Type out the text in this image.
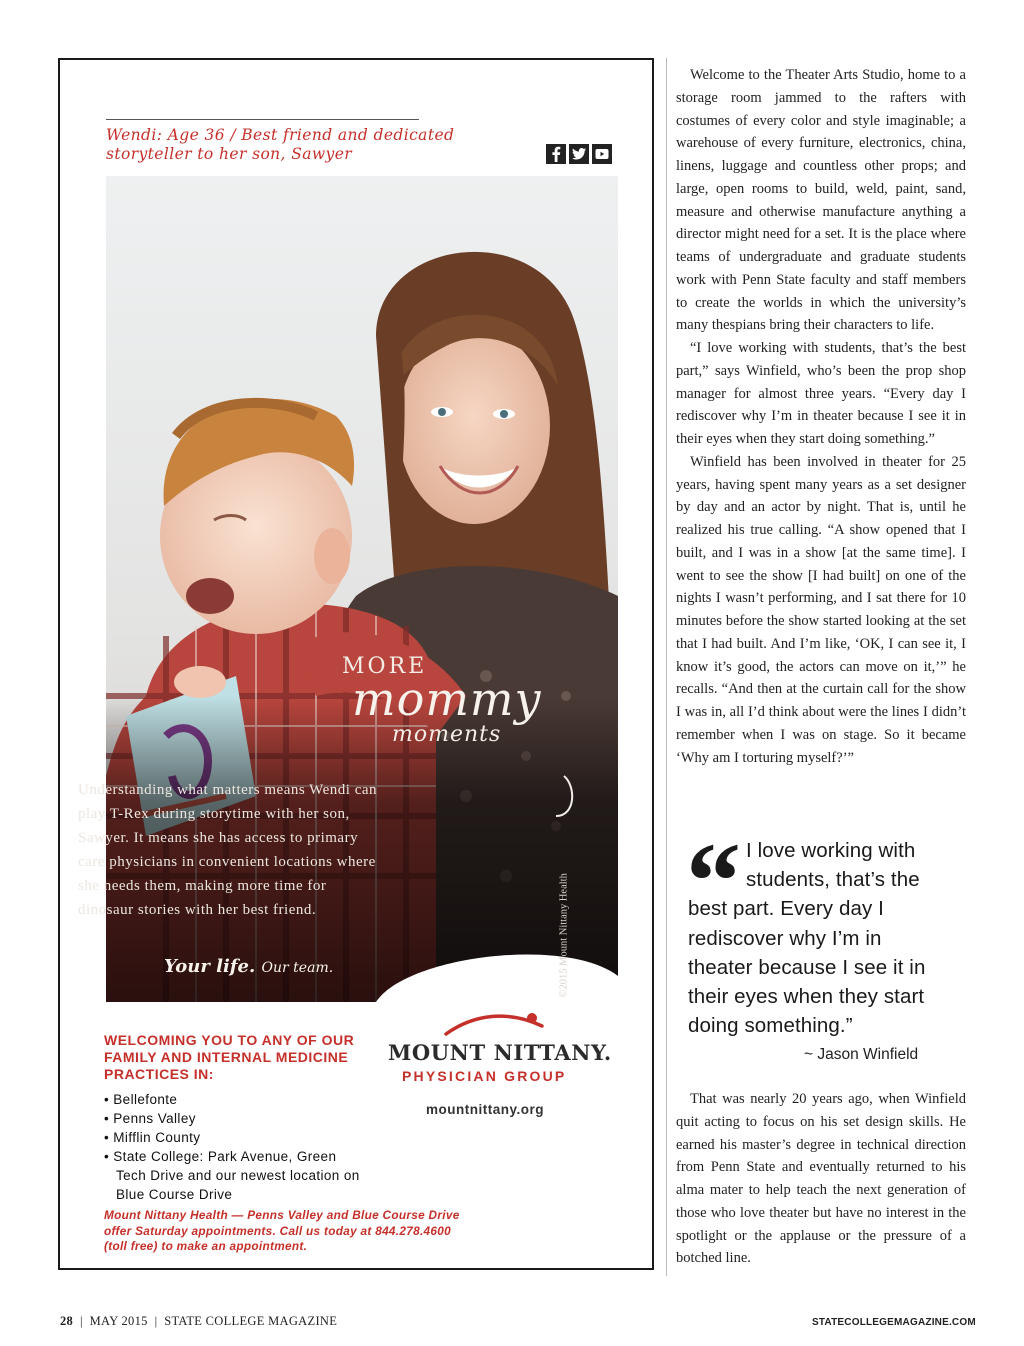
Wendi: Age 36 / Best friend and dedicated storyteller to her son, Sawyer
MORE
mommy
moments
Understanding what matters means Wendi can play T-Rex during storytime with her son, Sawyer. It means she has access to primary care physicians in convenient locations where she needs them, making more time for dinosaur stories with her best friend.
Your life. Our team.	©2015 Mount Nittany Health
WELCOMING YOU TO ANY OF OUR FAMILY AND INTERNAL MEDICINE PRACTICES IN:
• Bellefonte
• Penns Valley
• Mifflin County
• State College: Park Avenue, Green Tech Drive and our newest location on Blue Course Drive
Mount Nittany Health — Penns Valley and Blue Course Drive offer Saturday appointments. Call us today at 844.278.4600 (toll free) to make an appointment.
MOUNT NITTANY.
PHYSICIAN GROUP
mountnittany.org

Welcome to the Theater Arts Studio, home to a storage room jammed to the rafters with costumes of every color and style imaginable; a warehouse of every furniture, electronics, china, linens, luggage and countless other props; and large, open rooms to build, weld, paint, sand, measure and otherwise manufacture anything a director might need for a set. It is the place where teams of undergraduate and graduate students work with Penn State faculty and staff members to create the worlds in which the university’s many thespians bring their characters to life.

“I love working with students, that’s the best part,” says Winfield, who’s been the prop shop manager for almost three years. “Every day I rediscover why I’m in theater because I see it in their eyes when they start doing something.”

Winfield has been involved in theater for 25 years, having spent many years as a set designer by day and an actor by night. That is, until he realized his true calling. “A show opened that I built, and I was in a show [at the same time]. I went to see the show [I had built] on one of the nights I wasn’t performing, and I sat there for 10 minutes before the show started looking at the set that I had built. And I’m like, ‘OK, I can see it, I know it’s good, the actors can move on it,’” he recalls. “And then at the curtain call for the show I was in, all I’d think about were the lines I didn’t remember when I was on stage. So it became ‘Why am I torturing myself?’”

“ I love working with
students, that’s the
best part. Every day I
rediscover why I’m in
theater because I see it in
their eyes when they start
doing something.”
~ Jason Winfield

That was nearly 20 years ago, when Winfield quit acting to focus on his set design skills. He earned his master’s degree in technical direction from Penn State and eventually returned to his alma mater to help teach the next generation of those who love theater but have no interest in the spotlight or the applause or the pressure of a botched line.

28  |  MAY 2015  |  STATE COLLEGE MAGAZINE	STATECOLLEGEMAGAZINE.COM
